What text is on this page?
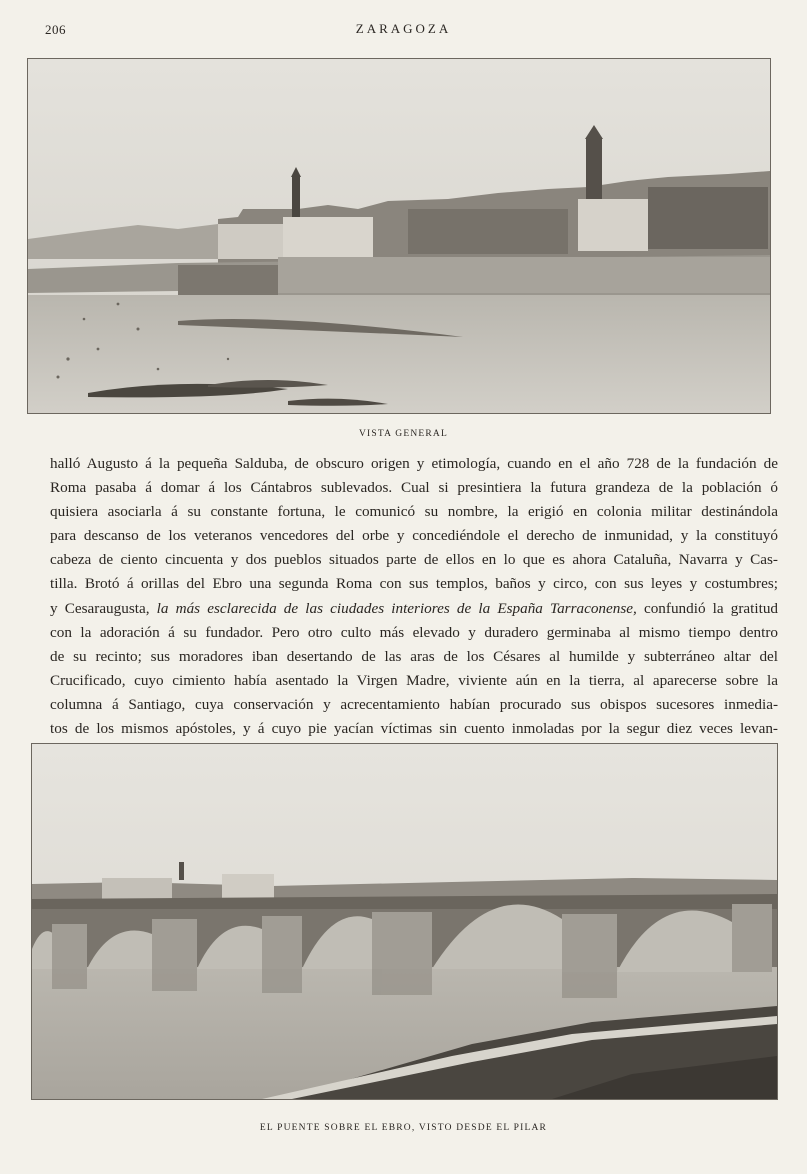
206	ZARAGOZA
VISTA GENERAL

halló Augusto á la pequeña Salduba, de obscuro origen y etimología, cuando en el año 728 de la fundación de
Roma pasaba á domar á los Cántabros sublevados. Cual si presintiera la futura grandeza de la población ó
quisiera asociarla á su constante fortuna, le comunicó su nombre, la erigió en colonia militar destinándola
para descanso de los veteranos vencedores del orbe y concediéndole el derecho de inmunidad, y la constituyó
cabeza de ciento cincuenta y dos pueblos situados parte de ellos en lo que es ahora Cataluña, Navarra y Cas-
tilla. Brotó á orillas del Ebro una segunda Roma con sus templos, baños y circo, con sus leyes y costumbres;
y Cesaraugusta, la más esclarecida de las ciudades interiores de la España Tarraconense, confundió la gratitud
con la adoración á su fundador. Pero otro culto más elevado y duradero germinaba al mismo tiempo dentro
de su recinto; sus moradores iban desertando de las aras de los Césares al humilde y subterráneo altar del
Crucificado, cuyo cimiento había asentado la Virgen Madre, viviente aún en la tierra, al aparecerse sobre la
columna á Santiago, cuya conservación y acrecentamiento habían procurado sus obispos sucesores inmedia-
tos de los mismos apóstoles, y á cuyo pie yacían víctimas sin cuento inmoladas por la segur diez veces levan-

EL PUENTE SOBRE EL EBRO, VISTO DESDE EL PILAR
